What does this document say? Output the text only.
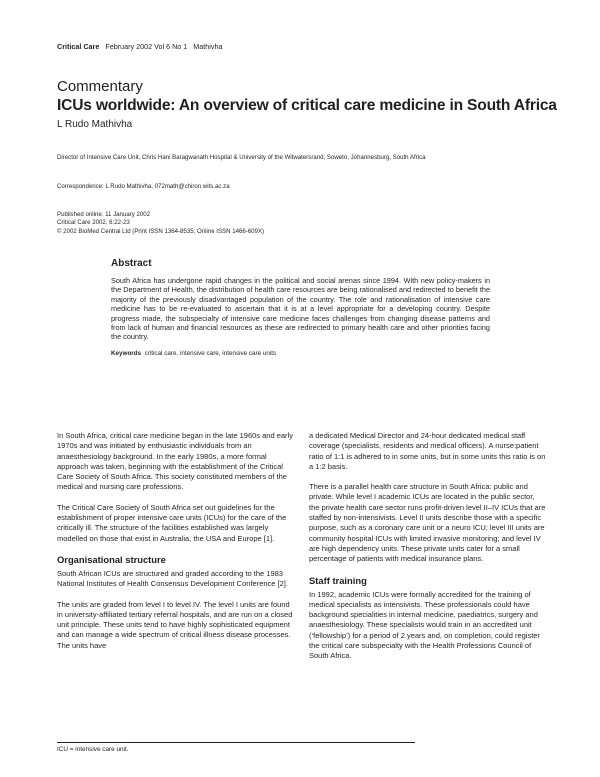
Critical Care February 2002 Vol 6 No 1 Mathivha
Commentary
ICUs worldwide: An overview of critical care medicine in South Africa
L Rudo Mathivha
Director of Intensive Care Unit, Chris Hani Baragwanath Hospital & University of the Witwatersrand, Soweto, Johannesburg, South Africa
Correspondence: L Rudo Mathivha, 072math@chiron.wits.ac.za
Published online: 11 January 2002
Critical Care 2002, 6:22-23
© 2002 BioMed Central Ltd (Print ISSN 1364-8535; Online ISSN 1466-609X)
Abstract

South Africa has undergone rapid changes in the political and social arenas since 1994. With new policy-makers in the Department of Health, the distribution of health care resources are being rationalised and redirected to benefit the majority of the previously disadvantaged population of the country. The role and rationalisation of intensive care medicine has to be re-evaluated to ascertain that it is at a level appropriate for a developing country. Despite progress made, the subspecialty of intensive care medicine faces challenges from changing disease patterns and from lack of human and financial resources as these are redirected to primary health care and other priorities facing the country.

Keywords critical care, intensive care, intensive care units

In South Africa, critical care medicine began in the late 1960s and early 1970s and was initiated by enthusiastic individuals from an anaesthesiology background. In the early 1980s, a more formal approach was taken, beginning with the establishment of the Critical Care Society of South Africa. This society constituted members of the medical and nursing care professions.

The Critical Care Society of South Africa set out guidelines for the establishment of proper intensive care units (ICUs) for the care of the critically ill. The structure of the facilities established was largely modelled on those that exist in Australia, the USA and Europe [1].

Organisational structure

South African ICUs are structured and graded according to the 1983 National Institutes of Health Consensus Development Conference [2].

The units are graded from level I to level IV. The level I units are found in university-affiliated tertiary referral hospitals, and are run on a closed unit principle. These units tend to have highly sophisticated equipment and can manage a wide spectrum of critical illness disease processes. The units have

a dedicated Medical Director and 24-hour dedicated medical staff coverage (specialists, residents and medical officers). A nurse:patient ratio of 1:1 is adhered to in some units, but in some units this ratio is on a 1:2 basis.

There is a parallel health care structure in South Africa: public and private. While level I academic ICUs are located in the public sector, the private health care sector runs profit-driven level II–IV ICUs that are staffed by non-intensivists. Level II units describe those with a specific purpose, such as a coronary care unit or a neuro ICU; level III units are community hospital ICUs with limited invasive monitoring; and level IV are high dependency units. These private units cater for a small percentage of patients with medical insurance plans.

Staff training

In 1992, academic ICUs were formally accredited for the training of medical specialists as intensivists. These professionals could have background specialities in internal medicine, paediatrics, surgery and anaesthesiology. These specialists would train in an accredited unit (‘fellowship’) for a period of 2 years and, on completion, could register the critical care subspecialty with the Health Professions Council of South Africa.

ICU = intensive care unit.
